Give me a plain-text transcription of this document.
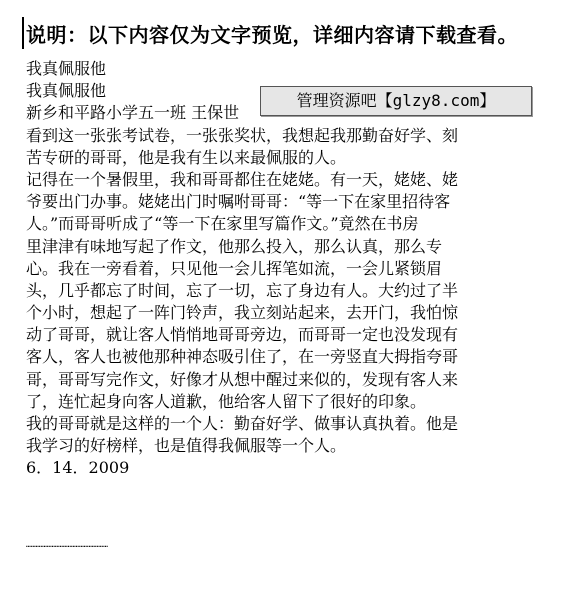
说明：以下内容仅为文字预览，详细内容请下载查看。
我真佩服他
我真佩服他
新乡和平路小学五一班 王保世
看到这一张张考试卷，一张张奖状，我想起我那勤奋好学、刻
苦专研的哥哥，他是我有生以来最佩服的人。
记得在一个暑假里，我和哥哥都住在姥姥。有一天，姥姥、姥
爷要出门办事。姥姥出门时嘱咐哥哥：“等一下在家里招待客
人。”而哥哥听成了“等一下在家里写篇作文。”竟然在书房
里津津有味地写起了作文，他那么投入，那么认真，那么专
心。我在一旁看着，只见他一会儿挥笔如流，一会儿紧锁眉
头，几乎都忘了时间，忘了一切，忘了身边有人。大约过了半
个小时，想起了一阵门铃声，我立刻站起来，去开门，我怕惊
动了哥哥，就让客人悄悄地哥哥旁边，而哥哥一定也没发现有
客人，客人也被他那种神态吸引住了，在一旁竖直大拇指夸哥
哥，哥哥写完作文，好像才从想中醒过来似的，发现有客人来
了，连忙起身向客人道歉，他给客人留下了很好的印象。
我的哥哥就是这样的一个人：勤奋好学、做事认真执着。他是
我学习的好榜样，也是值得我佩服等一个人。
6．14．2009
管理资源吧【glzy8.com】
……………………………………………
